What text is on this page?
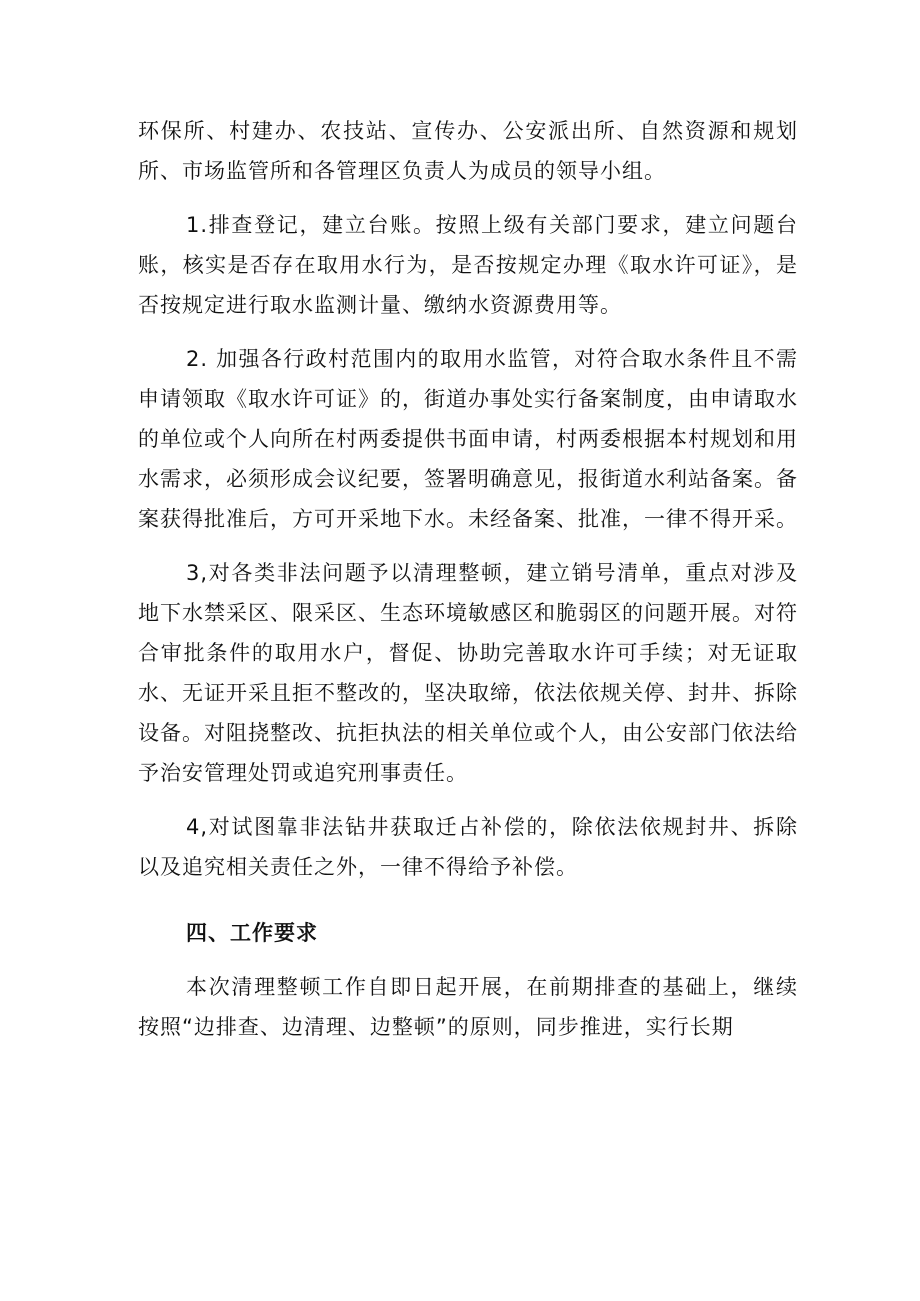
环保所、村建办、农技站、宣传办、公安派出所、自然资源和规划所、市场监管所和各管理区负责人为成员的领导小组。

1.排查登记，建立台账。按照上级有关部门要求，建立问题台账，核实是否存在取用水行为，是否按规定办理《取水许可证》，是否按规定进行取水监测计量、缴纳水资源费用等。

2. 加强各行政村范围内的取用水监管，对符合取水条件且不需申请领取《取水许可证》的，街道办事处实行备案制度，由申请取水的单位或个人向所在村两委提供书面申请，村两委根据本村规划和用水需求，必须形成会议纪要，签署明确意见，报街道水利站备案。备案获得批准后，方可开采地下水。未经备案、批准，一律不得开采。

3,对各类非法问题予以清理整顿，建立销号清单，重点对涉及地下水禁采区、限采区、生态环境敏感区和脆弱区的问题开展。对符合审批条件的取用水户，督促、协助完善取水许可手续；对无证取水、无证开采且拒不整改的，坚决取缔，依法依规关停、封井、拆除设备。对阻挠整改、抗拒执法的相关单位或个人，由公安部门依法给予治安管理处罚或追究刑事责任。

4,对试图靠非法钻井获取迁占补偿的，除依法依规封井、拆除以及追究相关责任之外，一律不得给予补偿。

四、工作要求

本次清理整顿工作自即日起开展，在前期排查的基础上，继续按照“边排查、边清理、边整顿”的原则，同步推进，实行长期
